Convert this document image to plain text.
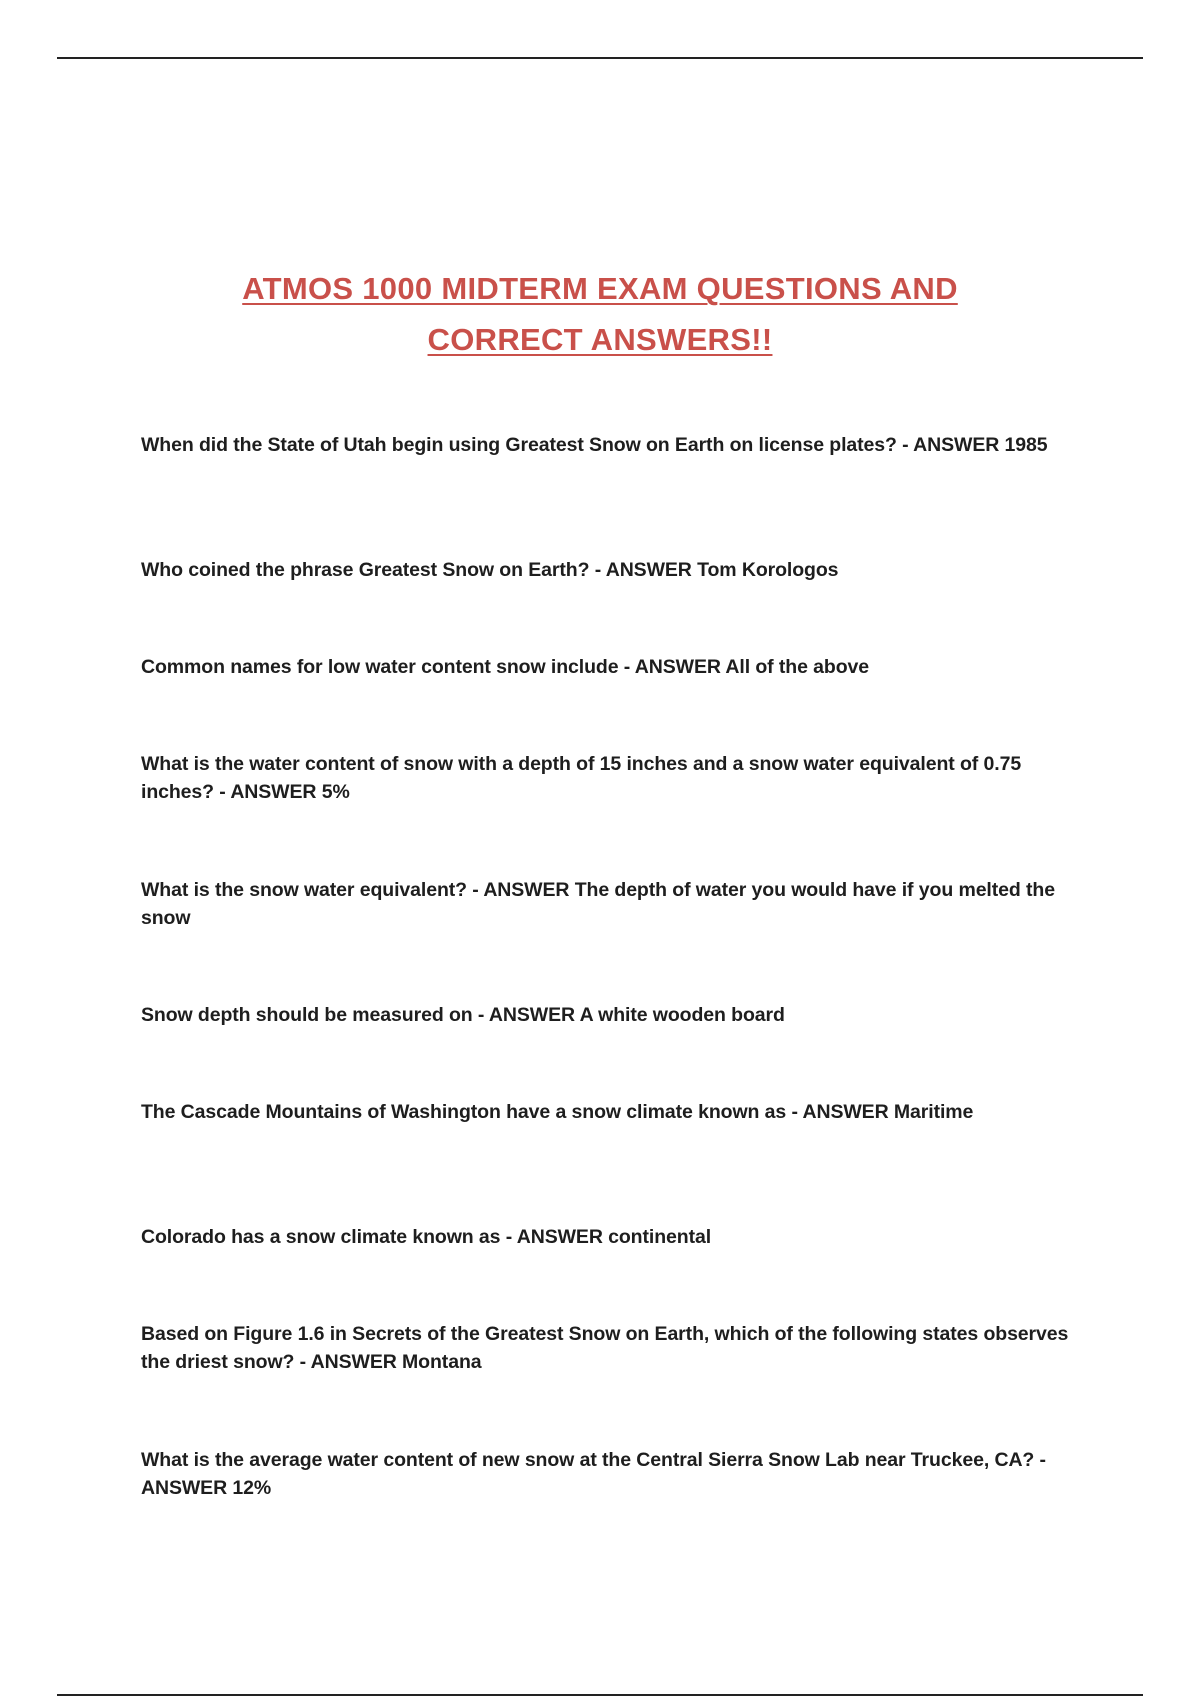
ATMOS 1000 MIDTERM EXAM QUESTIONS AND
CORRECT ANSWERS!!
When did the State of Utah begin using Greatest Snow on Earth on license plates? - ANSWER 1985
Who coined the phrase Greatest Snow on Earth? - ANSWER Tom Korologos
Common names for low water content snow include - ANSWER All of the above
What is the water content of snow with a depth of 15 inches and a snow water equivalent of 0.75 inches? - ANSWER 5%
What is the snow water equivalent? - ANSWER The depth of water you would have if you melted the snow
Snow depth should be measured on - ANSWER A white wooden board
The Cascade Mountains of Washington have a snow climate known as - ANSWER Maritime
Colorado has a snow climate known as - ANSWER continental
Based on Figure 1.6 in Secrets of the Greatest Snow on Earth, which of the following states observes the driest snow? - ANSWER Montana
What is the average water content of new snow at the Central Sierra Snow Lab near Truckee, CA? - ANSWER 12%
